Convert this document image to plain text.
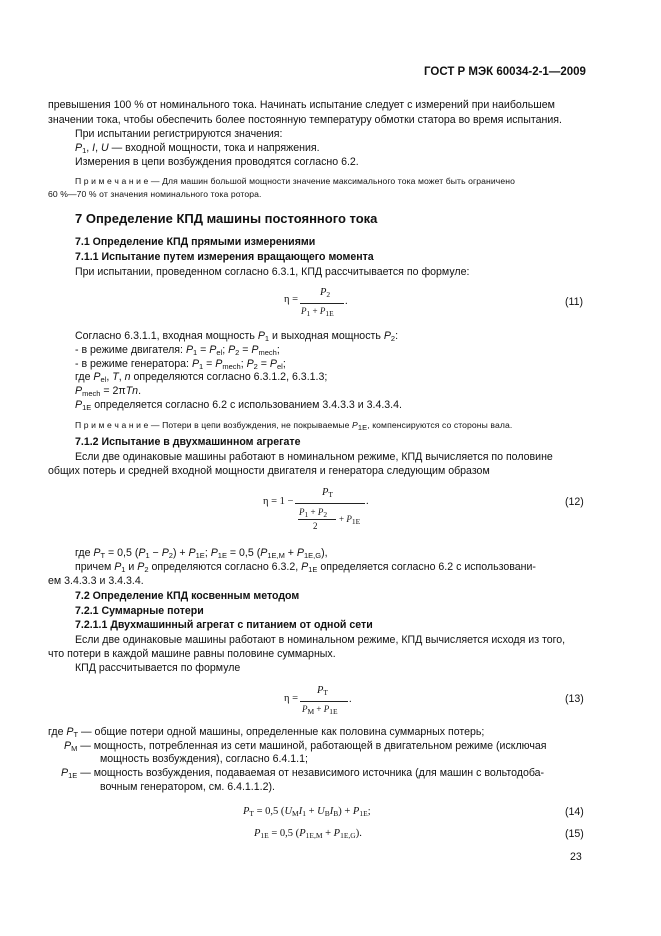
ГОСТ Р МЭК 60034-2-1—2009
превышения 100 % от номинального тока. Начинать испытание следует с измерений при наибольшем
значении тока, чтобы обеспечить более постоянную температуру обмотки статора во время испытания.
При испытании регистрируются значения:
$P_1$, I, U — входной мощности, тока и напряжения.
Измерения в цепи возбуждения проводятся согласно 6.2.
П р и м е ч а н и е — Для машин большой мощности значение максимального тока может быть ограничено
60 %—70 % от значения номинального тока ротора.
7 Определение КПД машины постоянного тока
7.1 Определение КПД прямыми измерениями
7.1.1 Испытание путем измерения вращающего момента
При испытании, проведенном согласно 6.3.1, КПД рассчитывается по формуле:
η =
$P_2$
$P_1 + P_{1E}$
.	(11)
Согласно 6.3.1.1, входная мощность $P_1$ и выходная мощность $P_2$:
- в режиме двигателя: $P_1 = P_{el}$; $P_2 = P_{mech}$;
- в режиме генератора: $P_1 = P_{mech}$; $P_2 = P_{el}$;
где $P_{el}$, T, n определяются согласно 6.3.1.2, 6.3.1.3;
$P_{mech} = 2\pi Tn$.
$P_{1E}$ определяется согласно 6.2 с использованием 3.4.3.3 и 3.4.3.4.
П р и м е ч а н и е — Потери в цепи возбуждения, не покрываемые $P_{1E}$, компенсируются со стороны вала.
7.1.2 Испытание в двухмашинном агрегате
Если две одинаковые машины работают в номинальном режиме, КПД вычисляется по половине
общих потерь и средней входной мощности двигателя и генератора следующим образом
η = 1 −
$P_T$
$P_1 + P_2$
2
+ $P_{1E}$
.	(12)
где $P_T = 0,5$ $(P_1 - P_2) + P_{1E}$; $P_{1E} = 0,5$ $(P_{1E,M} + P_{1E,G})$,
причем $P_1$ и $P_2$ определяются согласно 6.3.2, $P_{1E}$ определяется согласно 6.2 с использовани-
ем 3.4.3.3 и 3.4.3.4.
7.2 Определение КПД косвенным методом
7.2.1 Суммарные потери
7.2.1.1 Двухмашинный агрегат с питанием от одной сети
Если две одинаковые машины работают в номинальном режиме, КПД вычисляется исходя из того,
что потери в каждой машине равны половине суммарных.
КПД рассчитывается по формуле
η =
$P_T$
$P_M + P_{1E}$
.	(13)
где $P_T$ — общие потери одной машины, определенные как половина суммарных потерь;
$P_M$ — мощность, потребленная из сети машиной, работающей в двигательном режиме (исключая
мощность возбуждения), согласно 6.4.1.1;
$P_{1E}$ — мощность возбуждения, подаваемая от независимого источника (для машин с вольтодоба-
вочным генератором, см. 6.4.1.1.2).
$P_T = 0,5$ $(U_MI_1 + U_BI_B) + P_{1E}$;	(14)
$P_{1E} = 0,5$ $(P_{1E,M} + P_{1E,G})$.	(15)
23
